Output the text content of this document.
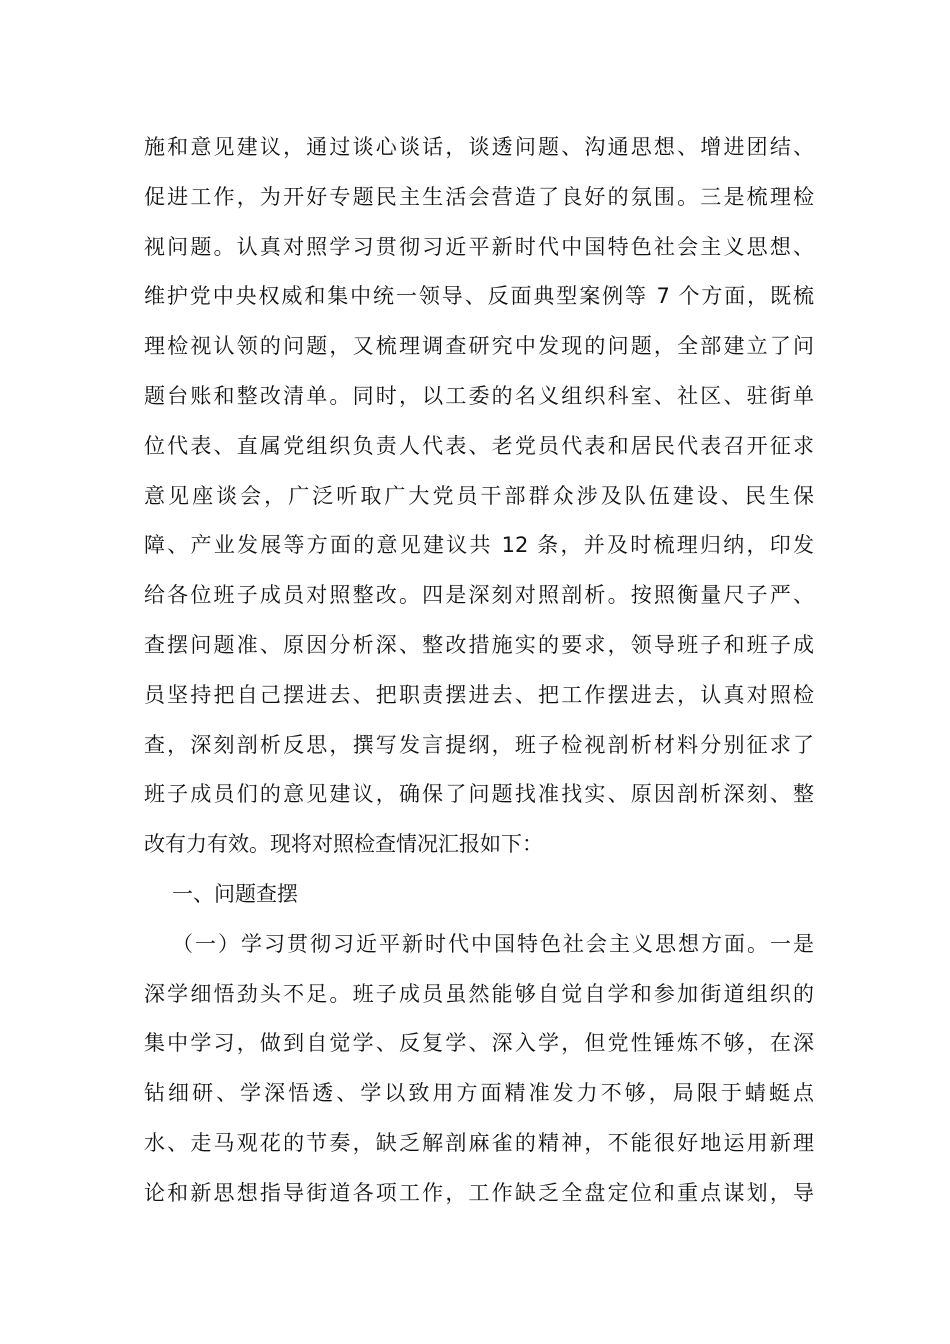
施和意见建议，通过谈心谈话，谈透问题、沟通思想、增进团结、
促进工作，为开好专题民主生活会营造了良好的氛围。三是梳理检
视问题。认真对照学习贯彻习近平新时代中国特色社会主义思想、
维护党中央权威和集中统一领导、反面典型案例等 7 个方面，既梳
理检视认领的问题，又梳理调查研究中发现的问题，全部建立了问
题台账和整改清单。同时，以工委的名义组织科室、社区、驻街单
位代表、直属党组织负责人代表、老党员代表和居民代表召开征求
意见座谈会，广泛听取广大党员干部群众涉及队伍建设、民生保
障、产业发展等方面的意见建议共 12 条，并及时梳理归纳，印发
给各位班子成员对照整改。四是深刻对照剖析。按照衡量尺子严、
查摆问题准、原因分析深、整改措施实的要求，领导班子和班子成
员坚持把自己摆进去、把职责摆进去、把工作摆进去，认真对照检
查，深刻剖析反思，撰写发言提纲，班子检视剖析材料分别征求了
班子成员们的意见建议，确保了问题找准找实、原因剖析深刻、整
改有力有效。现将对照检查情况汇报如下：
一、问题查摆
（一）学习贯彻习近平新时代中国特色社会主义思想方面。一是
深学细悟劲头不足。班子成员虽然能够自觉自学和参加街道组织的
集中学习，做到自觉学、反复学、深入学，但党性锤炼不够，在深
钻细研、学深悟透、学以致用方面精准发力不够，局限于蜻蜓点
水、走马观花的节奏，缺乏解剖麻雀的精神，不能很好地运用新理
论和新思想指导街道各项工作，工作缺乏全盘定位和重点谋划，导
